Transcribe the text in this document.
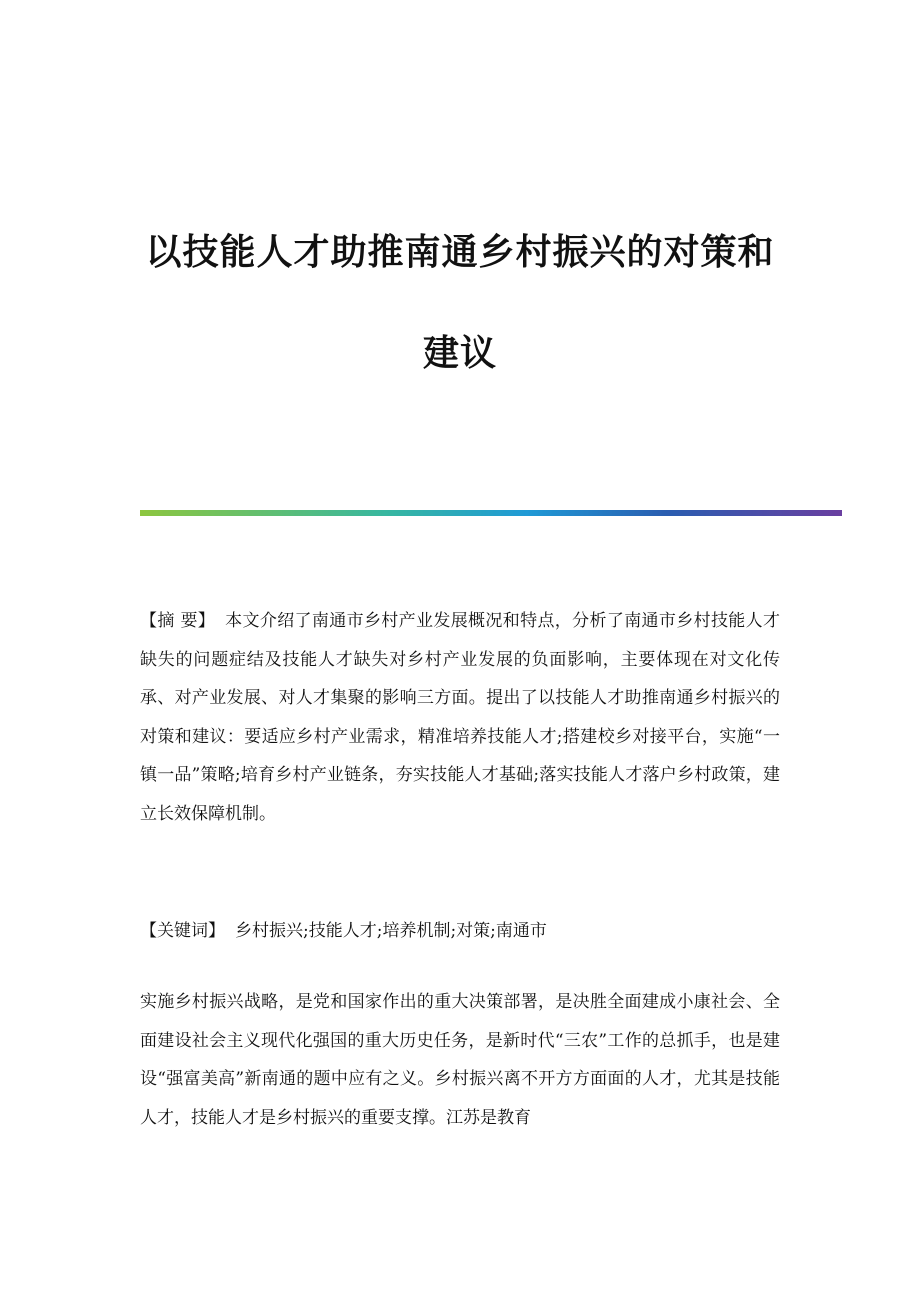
以技能人才助推南通乡村振兴的对策和
建议

【摘 要】 本文介绍了南通市乡村产业发展概况和特点，分析了南通市乡村技能人才缺失的问题症结及技能人才缺失对乡村产业发展的负面影响，主要体现在对文化传承、对产业发展、对人才集聚的影响三方面。提出了以技能人才助推南通乡村振兴的对策和建议：要适应乡村产业需求，精准培养技能人才;搭建校乡对接平台，实施“一镇一品”策略;培育乡村产业链条，夯实技能人才基础;落实技能人才落户乡村政策，建立长效保障机制。

【关键词】 乡村振兴;技能人才;培养机制;对策;南通市

实施乡村振兴战略，是党和国家作出的重大决策部署，是决胜全面建成小康社会、全面建设社会主义现代化强国的重大历史任务，是新时代“三农”工作的总抓手，也是建设“强富美高”新南通的题中应有之义。乡村振兴离不开方方面面的人才，尤其是技能人才，技能人才是乡村振兴的重要支撑。江苏是教育
